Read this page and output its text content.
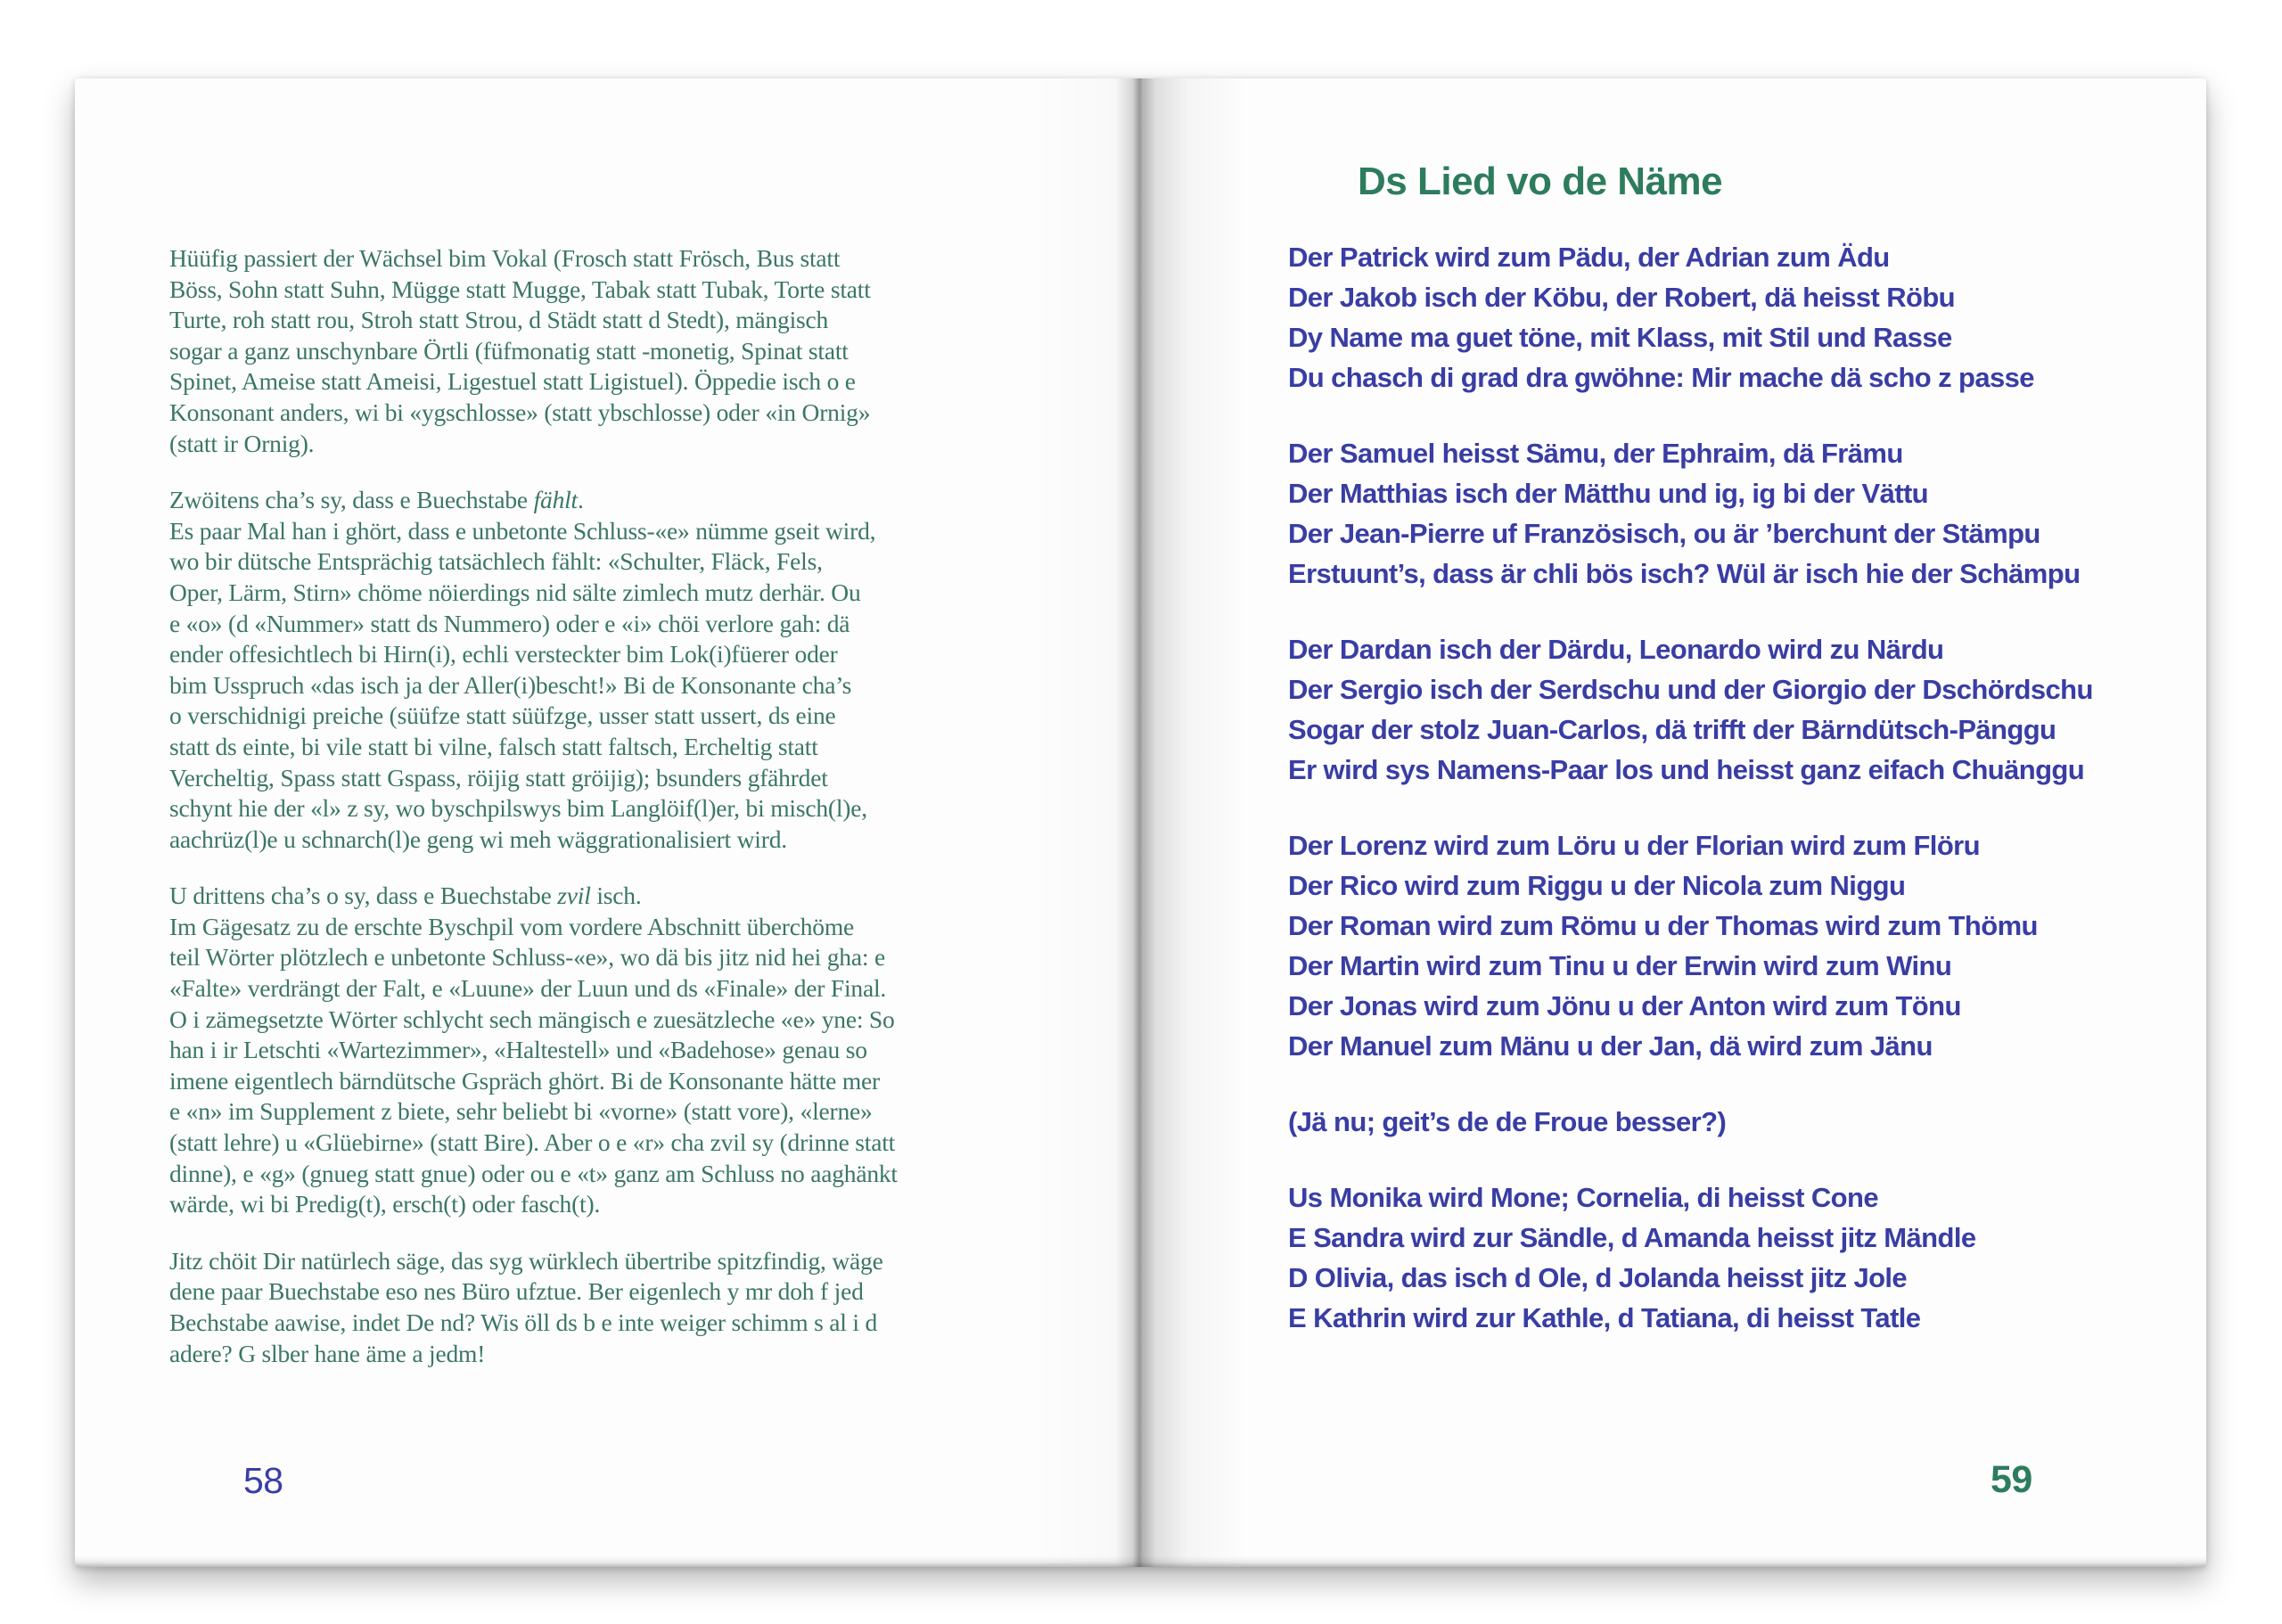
Hüüfig passiert der Wächsel bim Vokal (Frosch statt Frösch, Bus statt
Böss, Sohn statt Suhn, Mügge statt Mugge, Tabak statt Tubak, Torte statt
Turte, roh statt rou, Stroh statt Strou, d Städt statt d Stedt), mängisch
sogar a ganz unschynbare Örtli (füfmonatig statt -monetig, Spinat statt
Spinet, Ameise statt Ameisi, Ligestuel statt Ligistuel). Öppedie isch o e
Konsonant anders, wi bi «ygschlosse» (statt ybschlosse) oder «in Ornig»
(statt ir Ornig).
Zwöitens cha’s sy, dass e Buechstabe fählt.
Es paar Mal han i ghört, dass e unbetonte Schluss-«e» nümme gseit wird,
wo bir dütsche Entsprächig tatsächlech fählt: «Schulter, Fläck, Fels,
Oper, Lärm, Stirn» chöme nöierdings nid sälte zimlech mutz derhär. Ou
e «o» (d «Nummer» statt ds Nummero) oder e «i» chöi verlore gah: dä
ender offesichtlech bi Hirn(i), echli versteckter bim Lok(i)füerer oder
bim Usspruch «das isch ja der Aller(i)bescht!» Bi de Konsonante cha’s
o verschidnigi preiche (süüfze statt süüfzge, usser statt ussert, ds eine
statt ds einte, bi vile statt bi vilne, falsch statt faltsch, Ercheltig statt
Vercheltig, Spass statt Gspass, röijig statt gröijig); bsunders gfährdet
schynt hie der «l» z sy, wo byschpilswys bim Langlöif(l)er, bi misch(l)e,
aachrüz(l)e u schnarch(l)e geng wi meh wäggrationalisiert wird.
U drittens cha’s o sy, dass e Buechstabe zvil isch.
Im Gägesatz zu de erschte Byschpil vom vordere Abschnitt überchöme
teil Wörter plötzlech e unbetonte Schluss-«e», wo dä bis jitz nid hei gha: e
«Falte» verdrängt der Falt, e «Luune» der Luun und ds «Finale» der Final.
O i zämegsetzte Wörter schlycht sech mängisch e zuesätzleche «e» yne: So
han i ir Letschti «Wartezimmer», «Haltestell» und «Badehose» genau so
imene eigentlech bärndütsche Gspräch ghört. Bi de Konsonante hätte mer
e «n» im Supplement z biete, sehr beliebt bi «vorne» (statt vore), «lerne»
(statt lehre) u «Glüebirne» (statt Bire). Aber o e «r» cha zvil sy (drinne statt
dinne), e «g» (gnueg statt gnue) oder ou e «t» ganz am Schluss no aaghänkt
wärde, wi bi Predig(t), ersch(t) oder fasch(t).
Jitz chöit Dir natürlech säge, das syg würklech übertribe spitzfindig, wäge
dene paar Buechstabe eso nes Büro ufztue. Ber eigenlech y mr doh f jed
Bechstabe aawise, indet De nd? Wis öll ds b e inte weiger schimm s al i d
adere? G slber hane äme a jedm!
58
Ds Lied vo de Näme
Der Patrick wird zum Pädu, der Adrian zum Ädu
Der Jakob isch der Köbu, der Robert, dä heisst Röbu
Dy Name ma guet töne, mit Klass, mit Stil und Rasse
Du chasch di grad dra gwöhne: Mir mache dä scho z passe
Der Samuel heisst Sämu, der Ephraim, dä Främu
Der Matthias isch der Mätthu und ig, ig bi der Vättu
Der Jean-Pierre uf Französisch, ou är ’berchunt der Stämpu
Erstuunt’s, dass är chli bös isch? Wül är isch hie der Schämpu
Der Dardan isch der Därdu, Leonardo wird zu Närdu
Der Sergio isch der Serdschu und der Giorgio der Dschördschu
Sogar der stolz Juan-Carlos, dä trifft der Bärndütsch-Pänggu
Er wird sys Namens-Paar los und heisst ganz eifach Chuänggu
Der Lorenz wird zum Löru u der Florian wird zum Flöru
Der Rico wird zum Riggu u der Nicola zum Niggu
Der Roman wird zum Römu u der Thomas wird zum Thömu
Der Martin wird zum Tinu u der Erwin wird zum Winu
Der Jonas wird zum Jönu u der Anton wird zum Tönu
Der Manuel zum Mänu u der Jan, dä wird zum Jänu
(Jä nu; geit’s de de Froue besser?)
Us Monika wird Mone; Cornelia, di heisst Cone
E Sandra wird zur Sändle, d Amanda heisst jitz Mändle
D Olivia, das isch d Ole, d Jolanda heisst jitz Jole
E Kathrin wird zur Kathle, d Tatiana, di heisst Tatle
59
